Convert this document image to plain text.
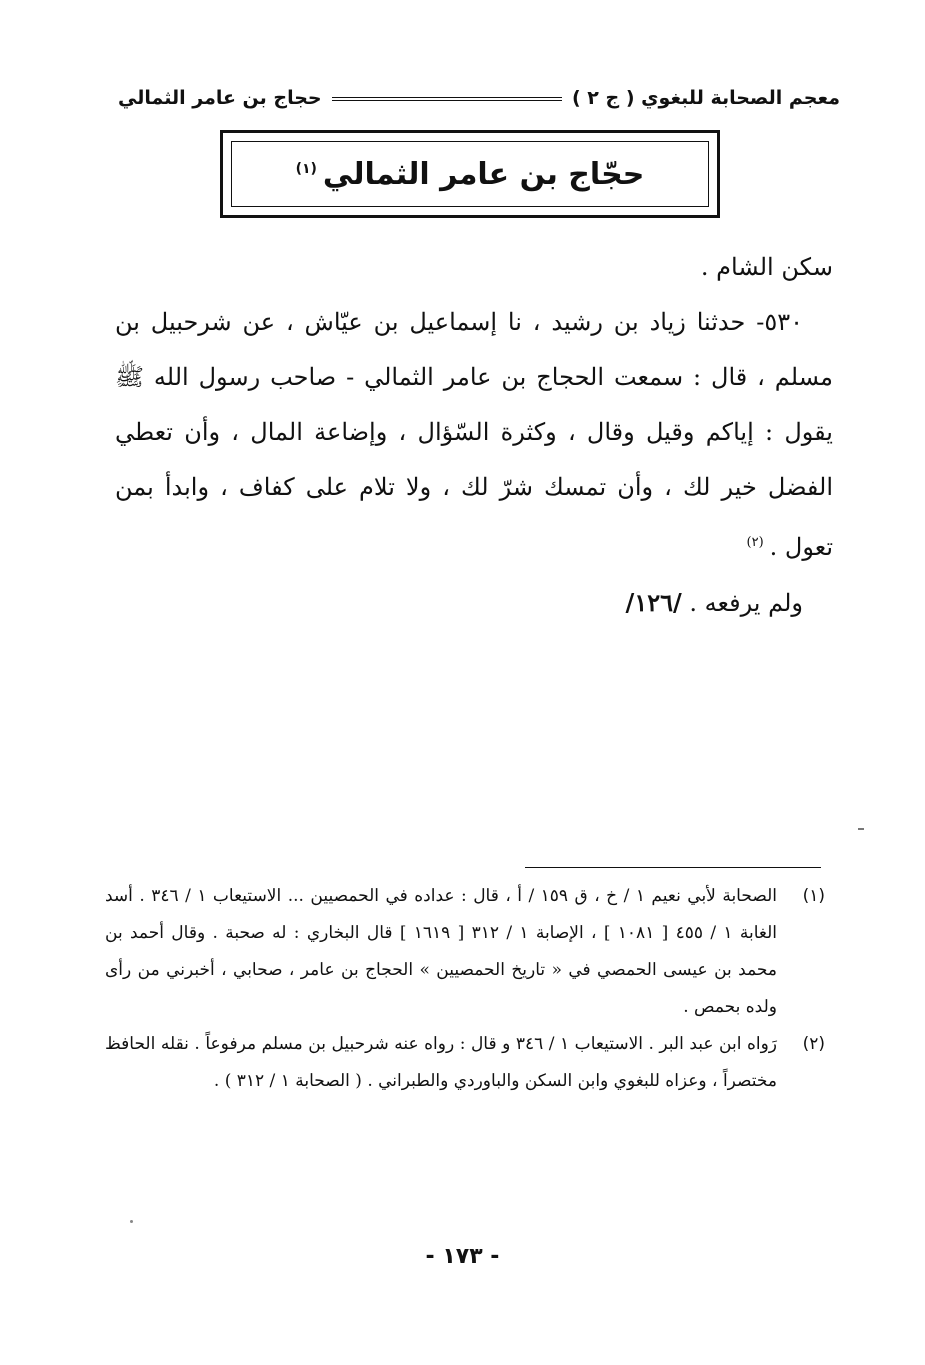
معجم الصحابة للبغوي ( ج ٢ )
حجاج بن عامر الثمالي
حجّاج بن عامر الثمالي$^{(١)}$

سكن الشام .

٥٣٠- حدثنا زياد بن رشيد ، نا إسماعيل بن عيّاش ، عن شرحبيل بن مسلم ، قال : سمعت الحجاج بن عامر الثمالي - صاحب رسول الله ﷺ يقول : إياكم وقيل وقال ، وكثرة السّؤال ، وإضاعة المال ، وأن تعطي الفضل خير لك ، وأن تمسك شرّ لك ، ولا تلام على كفاف ، وابدأ بمن تعول .$^{(٢)}$

ولم يرفعه . /١٢٦/

(١)

الصحابة لأبي نعيم ١ / خ ، ق ١٥٩ / أ ، قال : عداده في الحمصيين ... الاستيعاب ١ / ٣٤٦ . أسد الغابة ١ / ٤٥٥ [ ١٠٨١ ] ، الإصابة ١ / ٣١٢ [ ١٦١٩ ] قال البخاري : له صحبة . وقال أحمد بن محمد بن عيسى الحمصي في « تاريخ الحمصيين » الحجاج بن عامر ، صحابي ، أخبرني من رأى ولده بحمص .

(٢)

رَواه ابن عبد البر . الاستيعاب ١ / ٣٤٦ و قال : رواه عنه شرحبيل بن مسلم مرفوعاً . نقله الحافظ مختصراً ، وعزاه للبغوي وابن السكن والباوردي والطبراني . ( الصحابة ١ / ٣١٢ ) .

- ١٧٣ -
